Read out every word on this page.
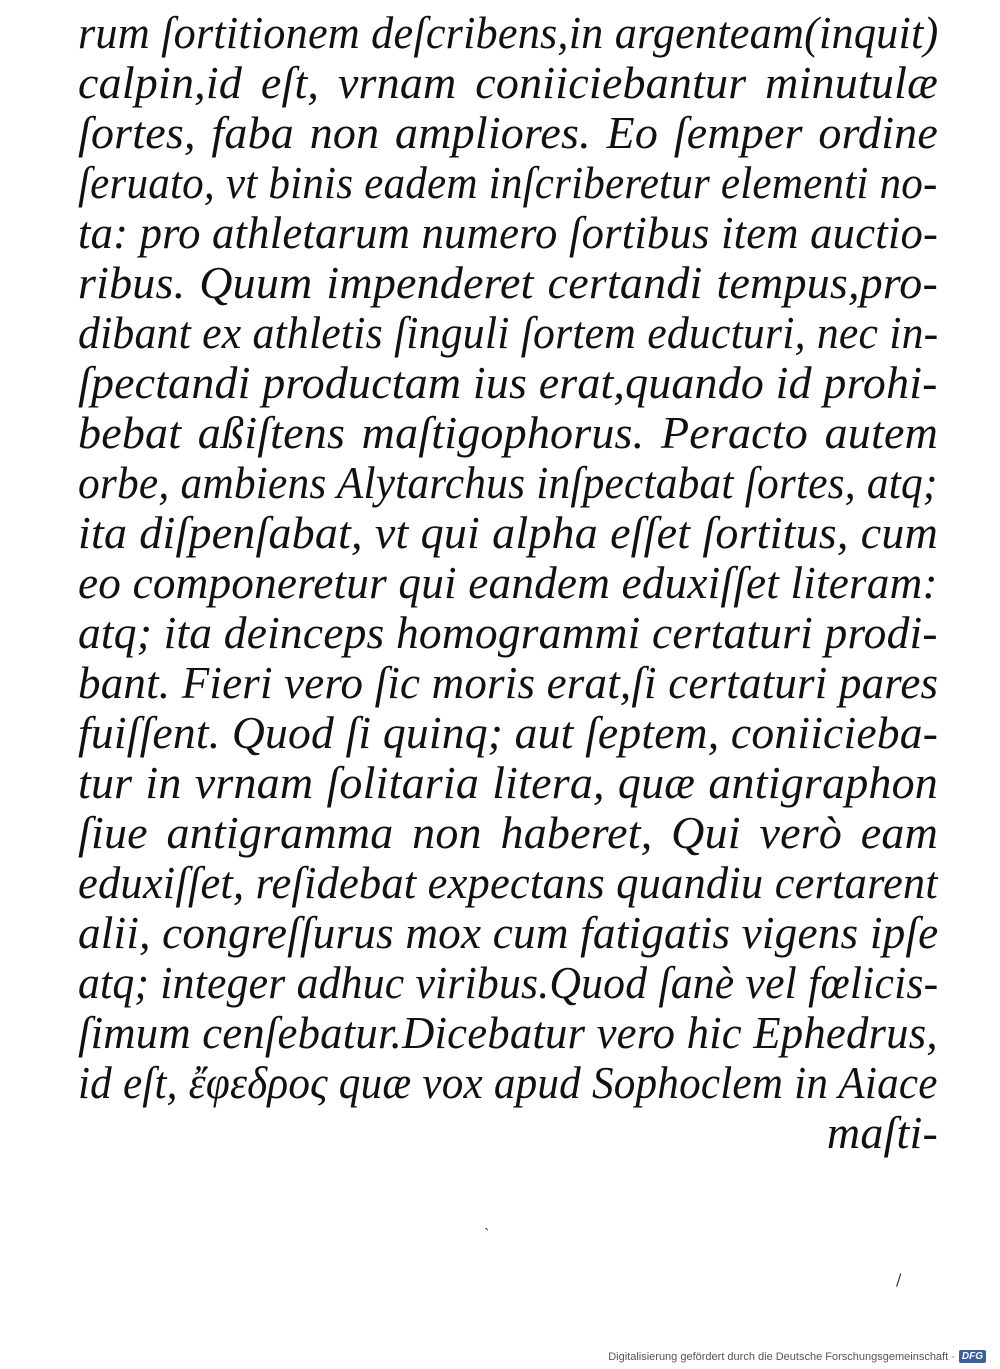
rum ſortitionem deſcribens,in argenteam(inquit)
calpin,id eſt, vrnam coniiciebantur minutulæ
ſortes, faba non ampliores. Eo ſemper ordine
ſeruato, vt binis eadem inſcriberetur elementi no-
ta: pro athletarum numero ſortibus item auctio-
ribus. Quum impenderet certandi tempus,pro-
dibant ex athletis ſinguli ſortem educturi, nec in-
ſpectandi productam ius erat,quando id prohi-
bebat aßiſtens maſtigophorus. Peracto autem
orbe, ambiens Alytarchus inſpectabat ſortes, atq;
ita diſpenſabat, vt qui alpha eſſet ſortitus, cum
eo componeretur qui eandem eduxiſſet literam:
atq; ita deinceps homogrammi certaturi prodi-
bant. Fieri vero ſic moris erat,ſi certaturi pares
fuiſſent. Quod ſi quinq; aut ſeptem, coniicieba-
tur in vrnam ſolitaria litera, quæ antigraphon
ſiue antigramma non haberet, Qui verò eam
eduxiſſet, reſidebat expectans quandiu certarent
alii, congreſſurus mox cum fatigatis vigens ipſe
atq; integer adhuc viribus.Quod ſanè vel fœlicis-
ſimum cenſebatur.Dicebatur vero hic Ephedrus,
id eſt, ἔφεδρος quæ vox apud Sophoclem in Aiace
maſti-
ˏ
/
Digitalisierung gefördert durch die Deutsche Forschungsgemeinschaft · DFG
